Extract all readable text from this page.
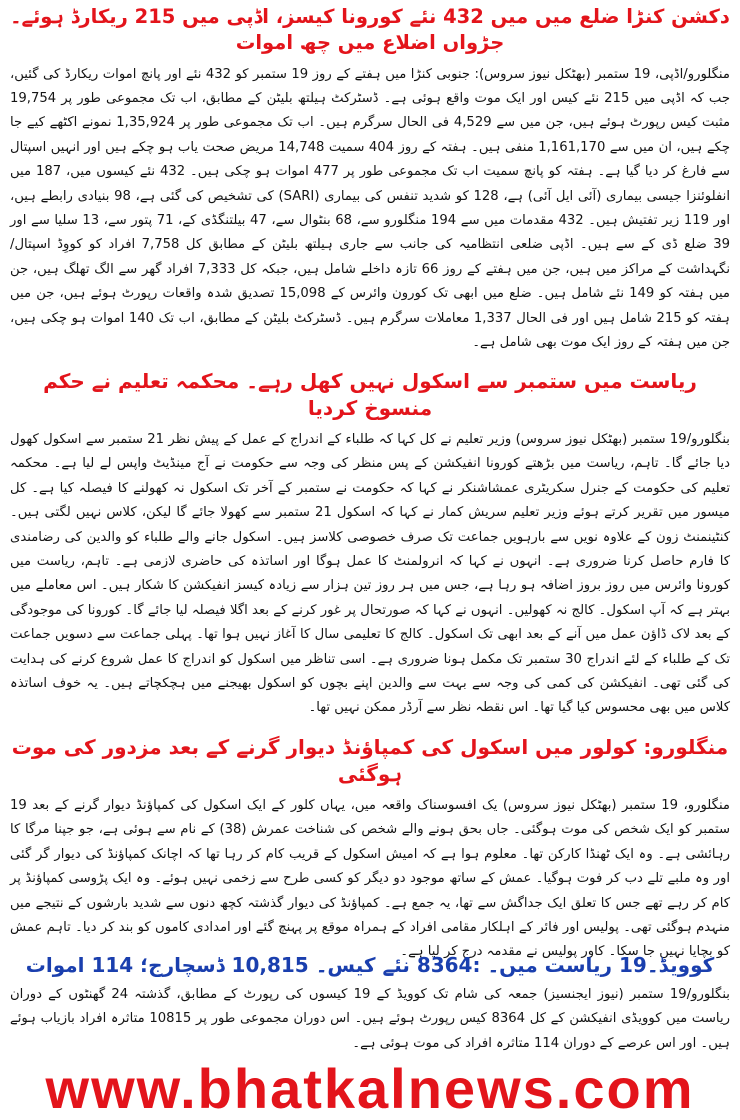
دکشن کنڑا ضلع میں میں 432 نئے کورونا کیسز، اڈپی میں 215 ریکارڈ ہوئے۔ جڑواں اضلاع میں چھ اموات

منگلورو/اڈپی، 19 ستمبر (بھٹکل نیوز سروس): جنوبی کنڑا میں ہفتے کے روز 19 ستمبر کو 432 نئے اور پانچ اموات ریکارڈ کی گئیں، جب کہ اڈپی میں 215 نئے کیس اور ایک موت واقع ہوئی ہے۔ ڈسٹرکٹ ہیلتھ بلیٹن کے مطابق، اب تک مجموعی طور پر 19,754 مثبت کیس رپورٹ ہوئے ہیں، جن میں سے 4,529 فی الحال سرگرم ہیں۔ اب تک مجموعی طور پر 1,35,924 نمونے اکٹھے کیے جا چکے ہیں، ان میں سے 1,161,170 منفی ہیں۔ ہفتہ کے روز 404 سمیت 14,748 مریض صحت یاب ہو چکے ہیں اور انہیں اسپتال سے فارغ کر دیا گیا ہے۔ ہفتہ کو پانچ سمیت اب تک مجموعی طور پر 477 اموات ہو چکی ہیں۔ 432 نئے کیسوں میں، 187 میں انفلوئنزا جیسی بیماری (آئی ایل آئی) ہے، 128 کو شدید تنفس کی بیماری (SARI) کی تشخیص کی گئی ہے، 98 بنیادی رابطے ہیں، اور 119 زیر تفتیش ہیں۔ 432 مقدمات میں سے 194 منگلورو سے، 68 بنٹوال سے، 47 بیلتنگڈی کے، 71 پتور سے، 13 سلیا سے اور 39 ضلع ڈی کے سے ہیں۔ اڈپی ضلعی انتظامیہ کی جانب سے جاری ہیلتھ بلیٹن کے مطابق کل 7,758 افراد کو کووِڈ اسپتال/نگہداشت کے مراکز میں ہیں، جن میں ہفتے کے روز 66 تازہ داخلے شامل ہیں، جبکہ کل 7,333 افراد گھر سے الگ تھلگ ہیں، جن میں ہفتہ کو 149 نئے شامل ہیں۔ ضلع میں ابھی تک کورون وائرس کے 15,098 تصدیق شدہ واقعات رپورٹ ہوئے ہیں، جن میں ہفتہ کو 215 شامل ہیں اور فی الحال 1,337 معاملات سرگرم ہیں۔ ڈسٹرکٹ بلیٹن کے مطابق، اب تک 140 اموات ہو چکی ہیں، جن میں ہفتہ کے روز ایک موت بھی شامل ہے۔

ریاست میں ستمبر سے اسکول نہیں کھل رہے۔ محکمہ تعلیم نے حکم منسوخ کردیا

بنگلورو/19 ستمبر (بھٹکل نیوز سروس) وزیر تعلیم نے کل کہا کہ طلباء کے اندراج کے عمل کے پیش نظر 21 ستمبر سے اسکول کھول دیا جائے گا۔ تاہم، ریاست میں بڑھتے کورونا انفیکشن کے پس منظر کی وجہ سے حکومت نے آج مینڈیٹ واپس لے لیا ہے۔ محکمہ تعلیم کی حکومت کے جنرل سکریٹری عمشاشنکر نے کہا کہ حکومت نے ستمبر کے آخر تک اسکول نہ کھولنے کا فیصلہ کیا ہے۔ کل میسور میں تقریر کرتے ہوئے وزیر تعلیم سریش کمار نے کہا کہ اسکول 21 ستمبر سے کھولا جائے گا لیکن، کلاس نہیں لگتی ہیں۔ کنٹینمنٹ زون کے علاوہ نویں سے بارہویں جماعت تک صرف خصوصی کلاسز ہیں۔ اسکول جانے والے طلباء کو والدین کی رضامندی کا فارم حاصل کرنا ضروری ہے۔ انہوں نے کہا کہ انرولمنٹ کا عمل ہوگا اور اساتذہ کی حاضری لازمی ہے۔ تاہم، ریاست میں کورونا وائرس میں روز بروز اضافہ ہو رہا ہے، جس میں ہر روز تین ہزار سے زیادہ کیسز انفیکشن کا شکار ہیں۔ اس معاملے میں بہتر ہے کہ آپ اسکول۔ کالج نہ کھولیں۔ انہوں نے کہا کہ صورتحال پر غور کرنے کے بعد اگلا فیصلہ لیا جائے گا۔ کورونا کی موجودگی کے بعد لاک ڈاؤن عمل میں آنے کے بعد ابھی تک اسکول۔ کالج کا تعلیمی سال کا آغاز نہیں ہوا تھا۔ پہلی جماعت سے دسویں جماعت تک کے طلباء کے لئے اندراج 30 ستمبر تک مکمل ہونا ضروری ہے۔ اسی تناظر میں اسکول کو اندراج کا عمل شروع کرنے کی ہدایت کی گئی تھی۔ انفیکشن کی کمی کی وجہ سے بہت سے والدین اپنے بچوں کو اسکول بھیجنے میں ہچکچاتے ہیں۔ یہ خوف اساتذہ کلاس میں بھی محسوس کیا گیا تھا۔ اس نقطہ نظر سے آرڈر ممکن نہیں تھا۔

منگلورو: کولور میں اسکول کی کمپاؤنڈ دیوار گرنے کے بعد مزدور کی موت ہوگئی

منگلورو، 19 ستمبر (بھٹکل نیوز سروس) یک افسوسناک واقعہ میں، یہاں کلور کے ایک اسکول کی کمپاؤنڈ دیوار گرنے کے بعد 19 ستمبر کو ایک شخص کی موت ہوگئی۔ جاں بحق ہونے والے شخص کی شناخت عمرش (38) کے نام سے ہوئی ہے، جو جپنا مرگا کا رہائشی ہے۔ وہ ایک ٹھنڈا کارکن تھا۔ معلوم ہوا ہے کہ امیش اسکول کے قریب کام کر رہا تھا کہ اچانک کمپاؤنڈ کی دیوار گر گئی اور وہ ملبے تلے دب کر فوت ہوگیا۔ عمش کے ساتھ موجود دو دیگر کو کسی طرح سے زخمی نہیں ہوئے۔ وہ ایک پڑوسی کمپاؤنڈ پر کام کر رہے تھے جس کا تعلق ایک جداگش سے تھا، یہ جمع ہے۔ کمپاؤنڈ کی دیوار گذشتہ کچھ دنوں سے شدید بارشوں کے نتیجے میں منہدم ہوگئی تھی۔ پولیس اور فائر کے اہلکار مقامی افراد کے ہمراہ موقع پر پہنچ گئے اور امدادی کاموں کو بند کر دیا۔ تاہم عمش کو بچایا نہیں جا سکا۔ کاور پولیس نے مقدمہ درج کر لیا ہے۔

کوویڈ۔19 ریاست میں۔ :8364 نئے کیس۔ 10,815 ڈسچارج؛ 114 اموات

بنگلورو/19 ستمبر (نیوز ایجنسیز) جمعہ کی شام تک کوویڈ کے 19 کیسوں کی رپورٹ کے مطابق، گذشتہ 24 گھنٹوں کے دوران ریاست میں کوویڈی انفیکشن کے کل 8364 کیس رپورٹ ہوئے ہیں۔ اس دوران مجموعی طور پر 10815 متاثرہ افراد بازیاب ہوئے ہیں۔ اور اس عرصے کے دوران 114 متاثرہ افراد کی موت ہوئی ہے۔

www.bhatkalnews.com
